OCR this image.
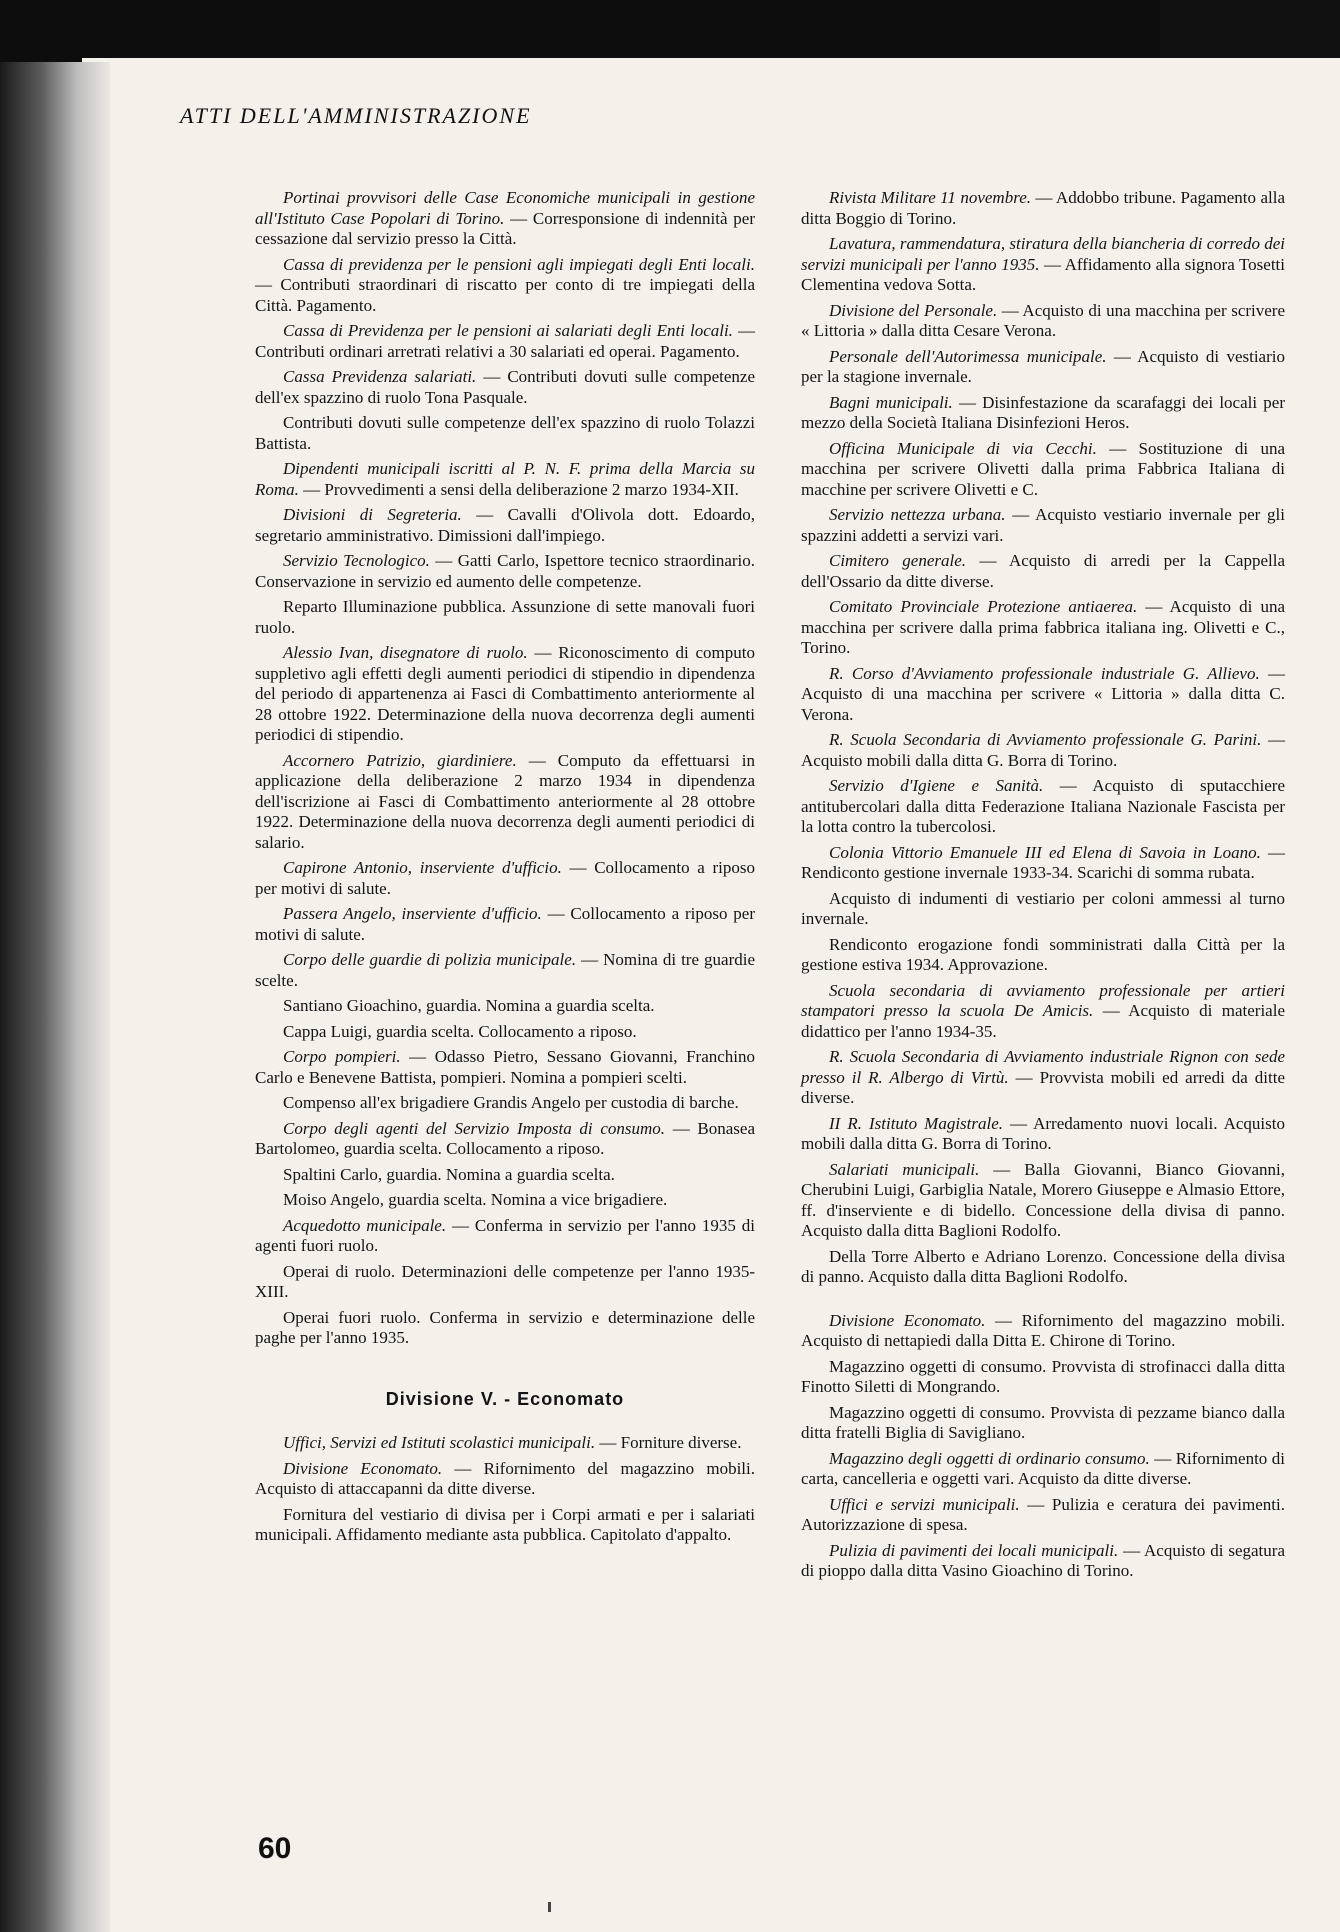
ATTI DELL'AMMINISTRAZIONE

Portinai provvisori delle Case Economiche municipali in gestione all'Istituto Case Popolari di Torino. — Corresponsione di indennità per cessazione dal servizio presso la Città.

Cassa di previdenza per le pensioni agli impiegati degli Enti locali. — Contributi straordinari di riscatto per conto di tre impiegati della Città. Pagamento.

Cassa di Previdenza per le pensioni ai salariati degli Enti locali. — Contributi ordinari arretrati relativi a 30 salariati ed operai. Pagamento.

Cassa Previdenza salariati. — Contributi dovuti sulle competenze dell'ex spazzino di ruolo Tona Pasquale.

Contributi dovuti sulle competenze dell'ex spazzino di ruolo Tolazzi Battista.

Dipendenti municipali iscritti al P. N. F. prima della Marcia su Roma. — Provvedimenti a sensi della deliberazione 2 marzo 1934-XII.

Divisioni di Segreteria. — Cavalli d'Olivola dott. Edoardo, segretario amministrativo. Dimissioni dall'impiego.

Servizio Tecnologico. — Gatti Carlo, Ispettore tecnico straordinario. Conservazione in servizio ed aumento delle competenze.

Reparto Illuminazione pubblica. Assunzione di sette manovali fuori ruolo.

Alessio Ivan, disegnatore di ruolo. — Riconoscimento di computo suppletivo agli effetti degli aumenti periodici di stipendio in dipendenza del periodo di appartenenza ai Fasci di Combattimento anteriormente al 28 ottobre 1922. Determinazione della nuova decorrenza degli aumenti periodici di stipendio.

Accornero Patrizio, giardiniere. — Computo da effettuarsi in applicazione della deliberazione 2 marzo 1934 in dipendenza dell'iscrizione ai Fasci di Combattimento anteriormente al 28 ottobre 1922. Determinazione della nuova decorrenza degli aumenti periodici di salario.

Capirone Antonio, inserviente d'ufficio. — Collocamento a riposo per motivi di salute.

Passera Angelo, inserviente d'ufficio. — Collocamento a riposo per motivi di salute.

Corpo delle guardie di polizia municipale. — Nomina di tre guardie scelte.

Santiano Gioachino, guardia. Nomina a guardia scelta.

Cappa Luigi, guardia scelta. Collocamento a riposo.

Corpo pompieri. — Odasso Pietro, Sessano Giovanni, Franchino Carlo e Benevene Battista, pompieri. Nomina a pompieri scelti.

Compenso all'ex brigadiere Grandis Angelo per custodia di barche.

Corpo degli agenti del Servizio Imposta di consumo. — Bonasea Bartolomeo, guardia scelta. Collocamento a riposo.

Spaltini Carlo, guardia. Nomina a guardia scelta.

Moiso Angelo, guardia scelta. Nomina a vice brigadiere.

Acquedotto municipale. — Conferma in servizio per l'anno 1935 di agenti fuori ruolo.

Operai di ruolo. Determinazioni delle competenze per l'anno 1935-XIII.

Operai fuori ruolo. Conferma in servizio e determinazione delle paghe per l'anno 1935.

Divisione V. - Economato

Uffici, Servizi ed Istituti scolastici municipali. — Forniture diverse.

Divisione Economato. — Rifornimento del magazzino mobili. Acquisto di attaccapanni da ditte diverse.

Fornitura del vestiario di divisa per i Corpi armati e per i salariati municipali. Affidamento mediante asta pubblica. Capitolato d'appalto.

Rivista Militare 11 novembre. — Addobbo tribune. Pagamento alla ditta Boggio di Torino.

Lavatura, rammendatura, stiratura della biancheria di corredo dei servizi municipali per l'anno 1935. — Affidamento alla signora Tosetti Clementina vedova Sotta.

Divisione del Personale. — Acquisto di una macchina per scrivere « Littoria » dalla ditta Cesare Verona.

Personale dell'Autorimessa municipale. — Acquisto di vestiario per la stagione invernale.

Bagni municipali. — Disinfestazione da scarafaggi dei locali per mezzo della Società Italiana Disinfezioni Heros.

Officina Municipale di via Cecchi. — Sostituzione di una macchina per scrivere Olivetti dalla prima Fabbrica Italiana di macchine per scrivere Olivetti e C.

Servizio nettezza urbana. — Acquisto vestiario invernale per gli spazzini addetti a servizi vari.

Cimitero generale. — Acquisto di arredi per la Cappella dell'Ossario da ditte diverse.

Comitato Provinciale Protezione antiaerea. — Acquisto di una macchina per scrivere dalla prima fabbrica italiana ing. Olivetti e C., Torino.

R. Corso d'Avviamento professionale industriale G. Allievo. — Acquisto di una macchina per scrivere « Littoria » dalla ditta C. Verona.

R. Scuola Secondaria di Avviamento professionale G. Parini. — Acquisto mobili dalla ditta G. Borra di Torino.

Servizio d'Igiene e Sanità. — Acquisto di sputacchiere antitubercolari dalla ditta Federazione Italiana Nazionale Fascista per la lotta contro la tubercolosi.

Colonia Vittorio Emanuele III ed Elena di Savoia in Loano. — Rendiconto gestione invernale 1933-34. Scarichi di somma rubata.

Acquisto di indumenti di vestiario per coloni ammessi al turno invernale.

Rendiconto erogazione fondi somministrati dalla Città per la gestione estiva 1934. Approvazione.

Scuola secondaria di avviamento professionale per artieri stampatori presso la scuola De Amicis. — Acquisto di materiale didattico per l'anno 1934-35.

R. Scuola Secondaria di Avviamento industriale Rignon con sede presso il R. Albergo di Virtù. — Provvista mobili ed arredi da ditte diverse.

II R. Istituto Magistrale. — Arredamento nuovi locali. Acquisto mobili dalla ditta G. Borra di Torino.

Salariati municipali. — Balla Giovanni, Bianco Giovanni, Cherubini Luigi, Garbiglia Natale, Morero Giuseppe e Almasio Ettore, ff. d'inserviente e di bidello. Concessione della divisa di panno. Acquisto dalla ditta Baglioni Rodolfo.

Della Torre Alberto e Adriano Lorenzo. Concessione della divisa di panno. Acquisto dalla ditta Baglioni Rodolfo.

Divisione Economato. — Rifornimento del magazzino mobili. Acquisto di nettapiedi dalla Ditta E. Chirone di Torino.

Magazzino oggetti di consumo. Provvista di strofinacci dalla ditta Finotto Siletti di Mongrando.

Magazzino oggetti di consumo. Provvista di pezzame bianco dalla ditta fratelli Biglia di Savigliano.

Magazzino degli oggetti di ordinario consumo. — Rifornimento di carta, cancelleria e oggetti vari. Acquisto da ditte diverse.

Uffici e servizi municipali. — Pulizia e ceratura dei pavimenti. Autorizzazione di spesa.

Pulizia di pavimenti dei locali municipali. — Acquisto di segatura di pioppo dalla ditta Vasino Gioachino di Torino.

60
